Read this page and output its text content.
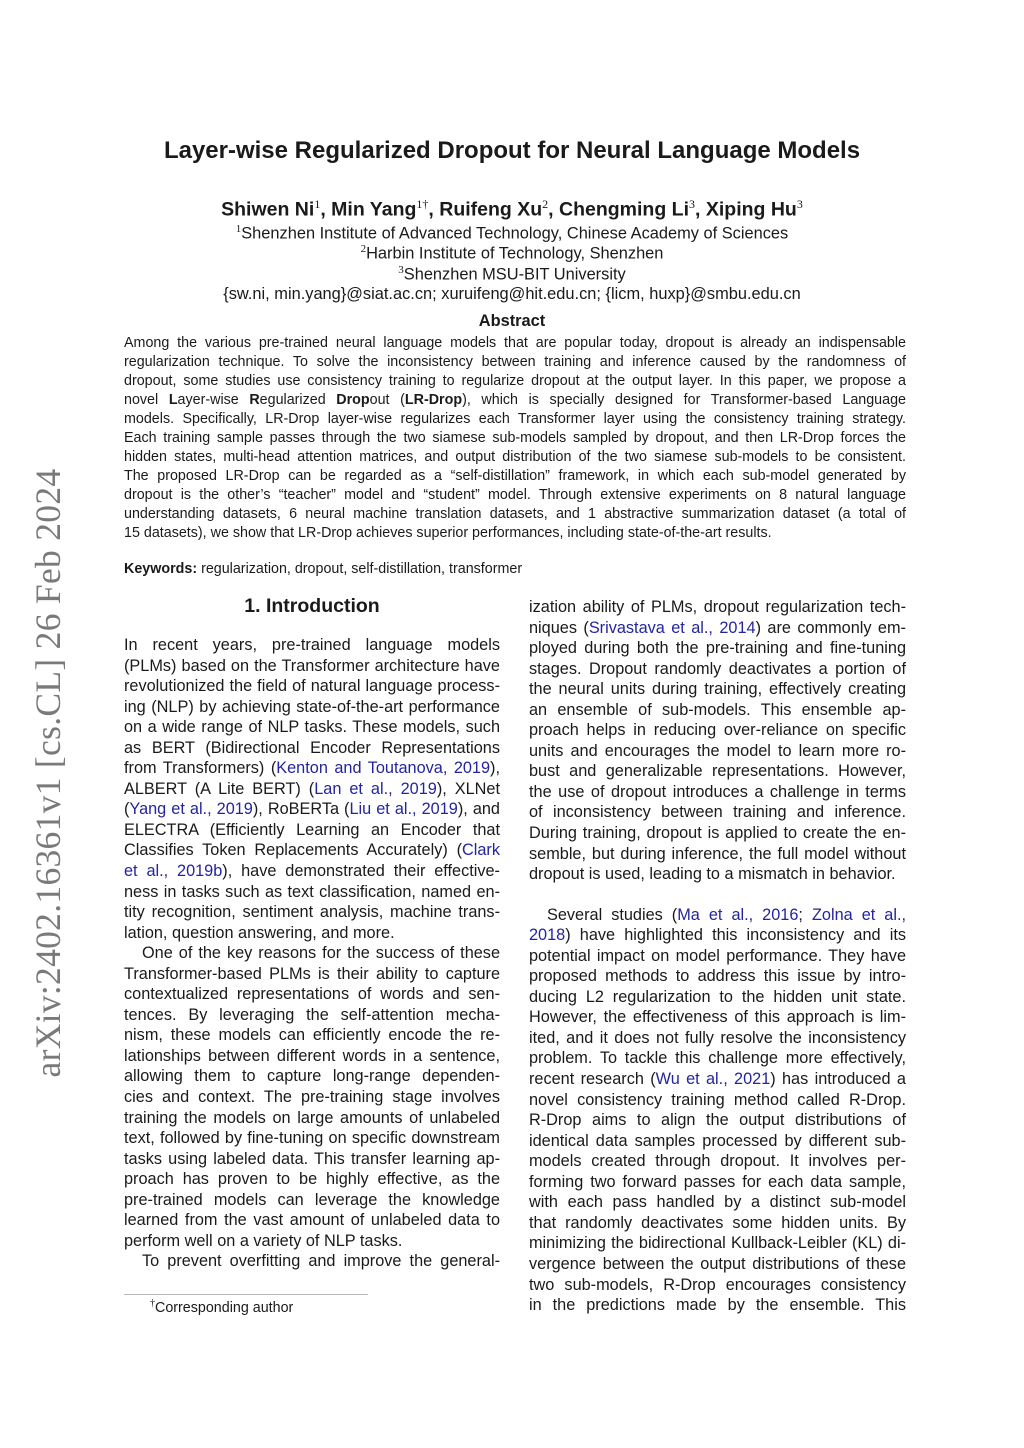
arXiv:2402.16361v1 [cs.CL] 26 Feb 2024
Layer-wise Regularized Dropout for Neural Language Models
Shiwen Ni$^1$, Min Yang$^{1\dagger}$, Ruifeng Xu$^2$, Chengming Li$^3$, Xiping Hu$^3$
$^1$Shenzhen Institute of Advanced Technology, Chinese Academy of Sciences
$^2$Harbin Institute of Technology, Shenzhen
$^3$Shenzhen MSU-BIT University
{sw.ni, min.yang}@siat.ac.cn; xuruifeng@hit.edu.cn; {licm, huxp}@smbu.edu.cn
Abstract
Among the various pre-trained neural language models that are popular today, dropout is already an indispensable
regularization technique. To solve the inconsistency between training and inference caused by the randomness of
dropout, some studies use consistency training to regularize dropout at the output layer. In this paper, we propose a
novel Layer-wise Regularized Dropout (LR-Drop), which is specially designed for Transformer-based Language
models. Specifically, LR-Drop layer-wise regularizes each Transformer layer using the consistency training strategy.
Each training sample passes through the two siamese sub-models sampled by dropout, and then LR-Drop forces the
hidden states, multi-head attention matrices, and output distribution of the two siamese sub-models to be consistent.
The proposed LR-Drop can be regarded as a “self-distillation” framework, in which each sub-model generated by
dropout is the other’s “teacher” model and “student” model. Through extensive experiments on 8 natural language
understanding datasets, 6 neural machine translation datasets, and 1 abstractive summarization dataset (a total of
15 datasets), we show that LR-Drop achieves superior performances, including state-of-the-art results.
Keywords: regularization, dropout, self-distillation, transformer
1. Introduction
In recent years, pre-trained language models
(PLMs) based on the Transformer architecture have
revolutionized the field of natural language process-
ing (NLP) by achieving state-of-the-art performance
on a wide range of NLP tasks. These models, such
as BERT (Bidirectional Encoder Representations
from Transformers) (Kenton and Toutanova, 2019),
ALBERT (A Lite BERT) (Lan et al., 2019), XLNet
(Yang et al., 2019), RoBERTa (Liu et al., 2019), and
ELECTRA (Efficiently Learning an Encoder that
Classifies Token Replacements Accurately) (Clark
et al., 2019b), have demonstrated their effective-
ness in tasks such as text classification, named en-
tity recognition, sentiment analysis, machine trans-
lation, question answering, and more.
One of the key reasons for the success of these
Transformer-based PLMs is their ability to capture
contextualized representations of words and sen-
tences. By leveraging the self-attention mecha-
nism, these models can efficiently encode the re-
lationships between different words in a sentence,
allowing them to capture long-range dependen-
cies and context. The pre-training stage involves
training the models on large amounts of unlabeled
text, followed by fine-tuning on specific downstream
tasks using labeled data. This transfer learning ap-
proach has proven to be highly effective, as the
pre-trained models can leverage the knowledge
learned from the vast amount of unlabeled data to
perform well on a variety of NLP tasks.
To prevent overfitting and improve the general-
ization ability of PLMs, dropout regularization tech-
niques (Srivastava et al., 2014) are commonly em-
ployed during both the pre-training and fine-tuning
stages. Dropout randomly deactivates a portion of
the neural units during training, effectively creating
an ensemble of sub-models. This ensemble ap-
proach helps in reducing over-reliance on specific
units and encourages the model to learn more ro-
bust and generalizable representations. However,
the use of dropout introduces a challenge in terms
of inconsistency between training and inference.
During training, dropout is applied to create the en-
semble, but during inference, the full model without
dropout is used, leading to a mismatch in behavior.
Several studies (Ma et al., 2016; Zolna et al.,
2018) have highlighted this inconsistency and its
potential impact on model performance. They have
proposed methods to address this issue by intro-
ducing L2 regularization to the hidden unit state.
However, the effectiveness of this approach is lim-
ited, and it does not fully resolve the inconsistency
problem. To tackle this challenge more effectively,
recent research (Wu et al., 2021) has introduced a
novel consistency training method called R-Drop.
R-Drop aims to align the output distributions of
identical data samples processed by different sub-
models created through dropout. It involves per-
forming two forward passes for each data sample,
with each pass handled by a distinct sub-model
that randomly deactivates some hidden units. By
minimizing the bidirectional Kullback-Leibler (KL) di-
vergence between the output distributions of these
two sub-models, R-Drop encourages consistency
in the predictions made by the ensemble. This
†Corresponding author
